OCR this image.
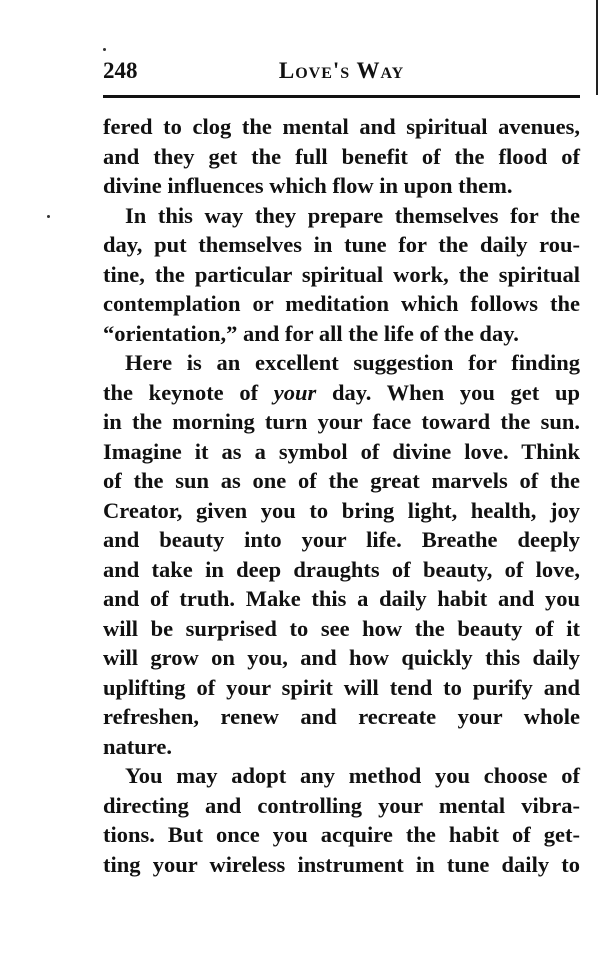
248	Love's Way
fered to clog the mental and spiritual avenues,
and they get the full benefit of the flood of
divine influences which flow in upon them.
In this way they prepare themselves for the
day, put themselves in tune for the daily rou-
tine, the particular spiritual work, the spiritual
contemplation or meditation which follows the
“orientation,” and for all the life of the day.
Here is an excellent suggestion for finding
the keynote of your day. When you get up
in the morning turn your face toward the sun.
Imagine it as a symbol of divine love. Think
of the sun as one of the great marvels of the
Creator, given you to bring light, health, joy
and beauty into your life. Breathe deeply
and take in deep draughts of beauty, of love,
and of truth. Make this a daily habit and you
will be surprised to see how the beauty of it
will grow on you, and how quickly this daily
uplifting of your spirit will tend to purify and
refreshen, renew and recreate your whole
nature.
You may adopt any method you choose of
directing and controlling your mental vibra-
tions. But once you acquire the habit of get-
ting your wireless instrument in tune daily to
